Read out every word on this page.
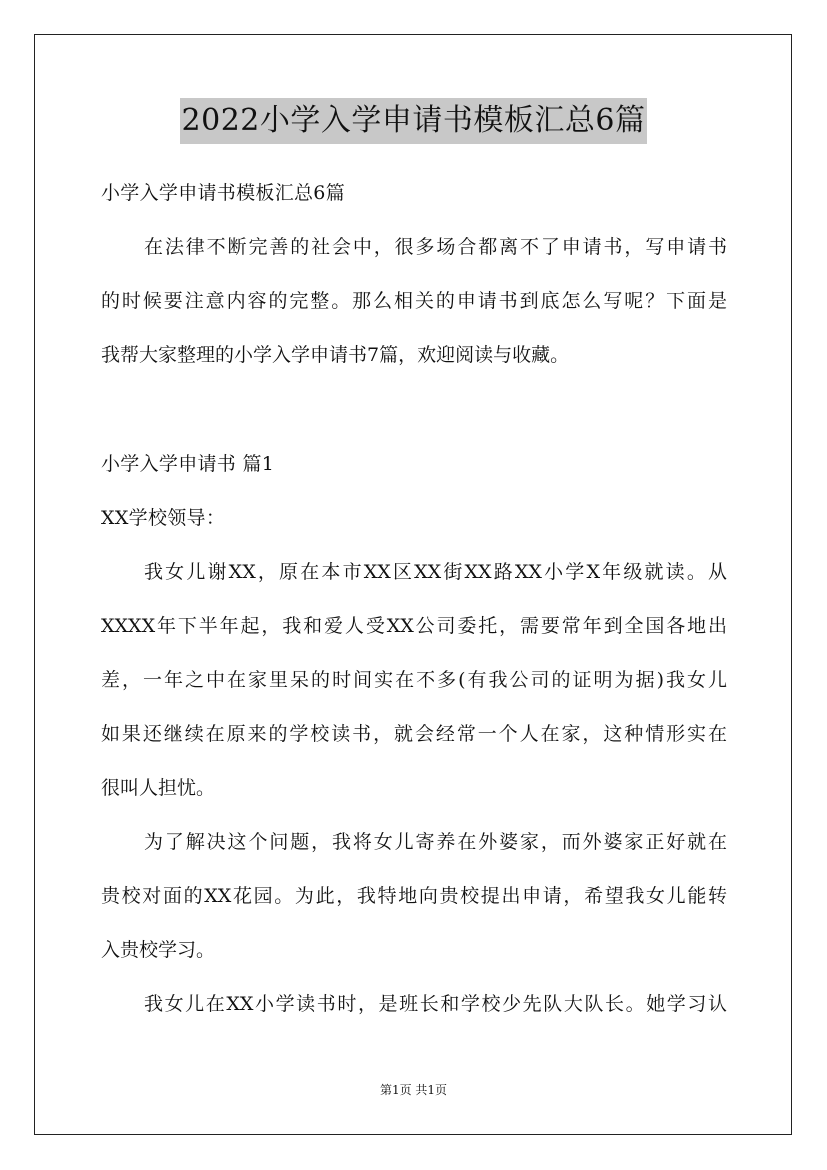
2022小学入学申请书模板汇总6篇
小学入学申请书模板汇总6篇
在法律不断完善的社会中，很多场合都离不了申请书，写申请书
的时候要注意内容的完整。那么相关的申请书到底怎么写呢？下面是
我帮大家整理的小学入学申请书7篇，欢迎阅读与收藏。
小学入学申请书 篇1
XX学校领导：
我女儿谢XX，原在本市XX区XX街XX路XX小学X年级就读。从
XXXX年下半年起，我和爱人受XX公司委托，需要常年到全国各地出
差，一年之中在家里呆的时间实在不多(有我公司的证明为据)我女儿
如果还继续在原来的学校读书，就会经常一个人在家，这种情形实在
很叫人担忧。
为了解决这个问题，我将女儿寄养在外婆家，而外婆家正好就在
贵校对面的XX花园。为此，我特地向贵校提出申请，希望我女儿能转
入贵校学习。
我女儿在XX小学读书时，是班长和学校少先队大队长。她学习认
第1页 共1页
